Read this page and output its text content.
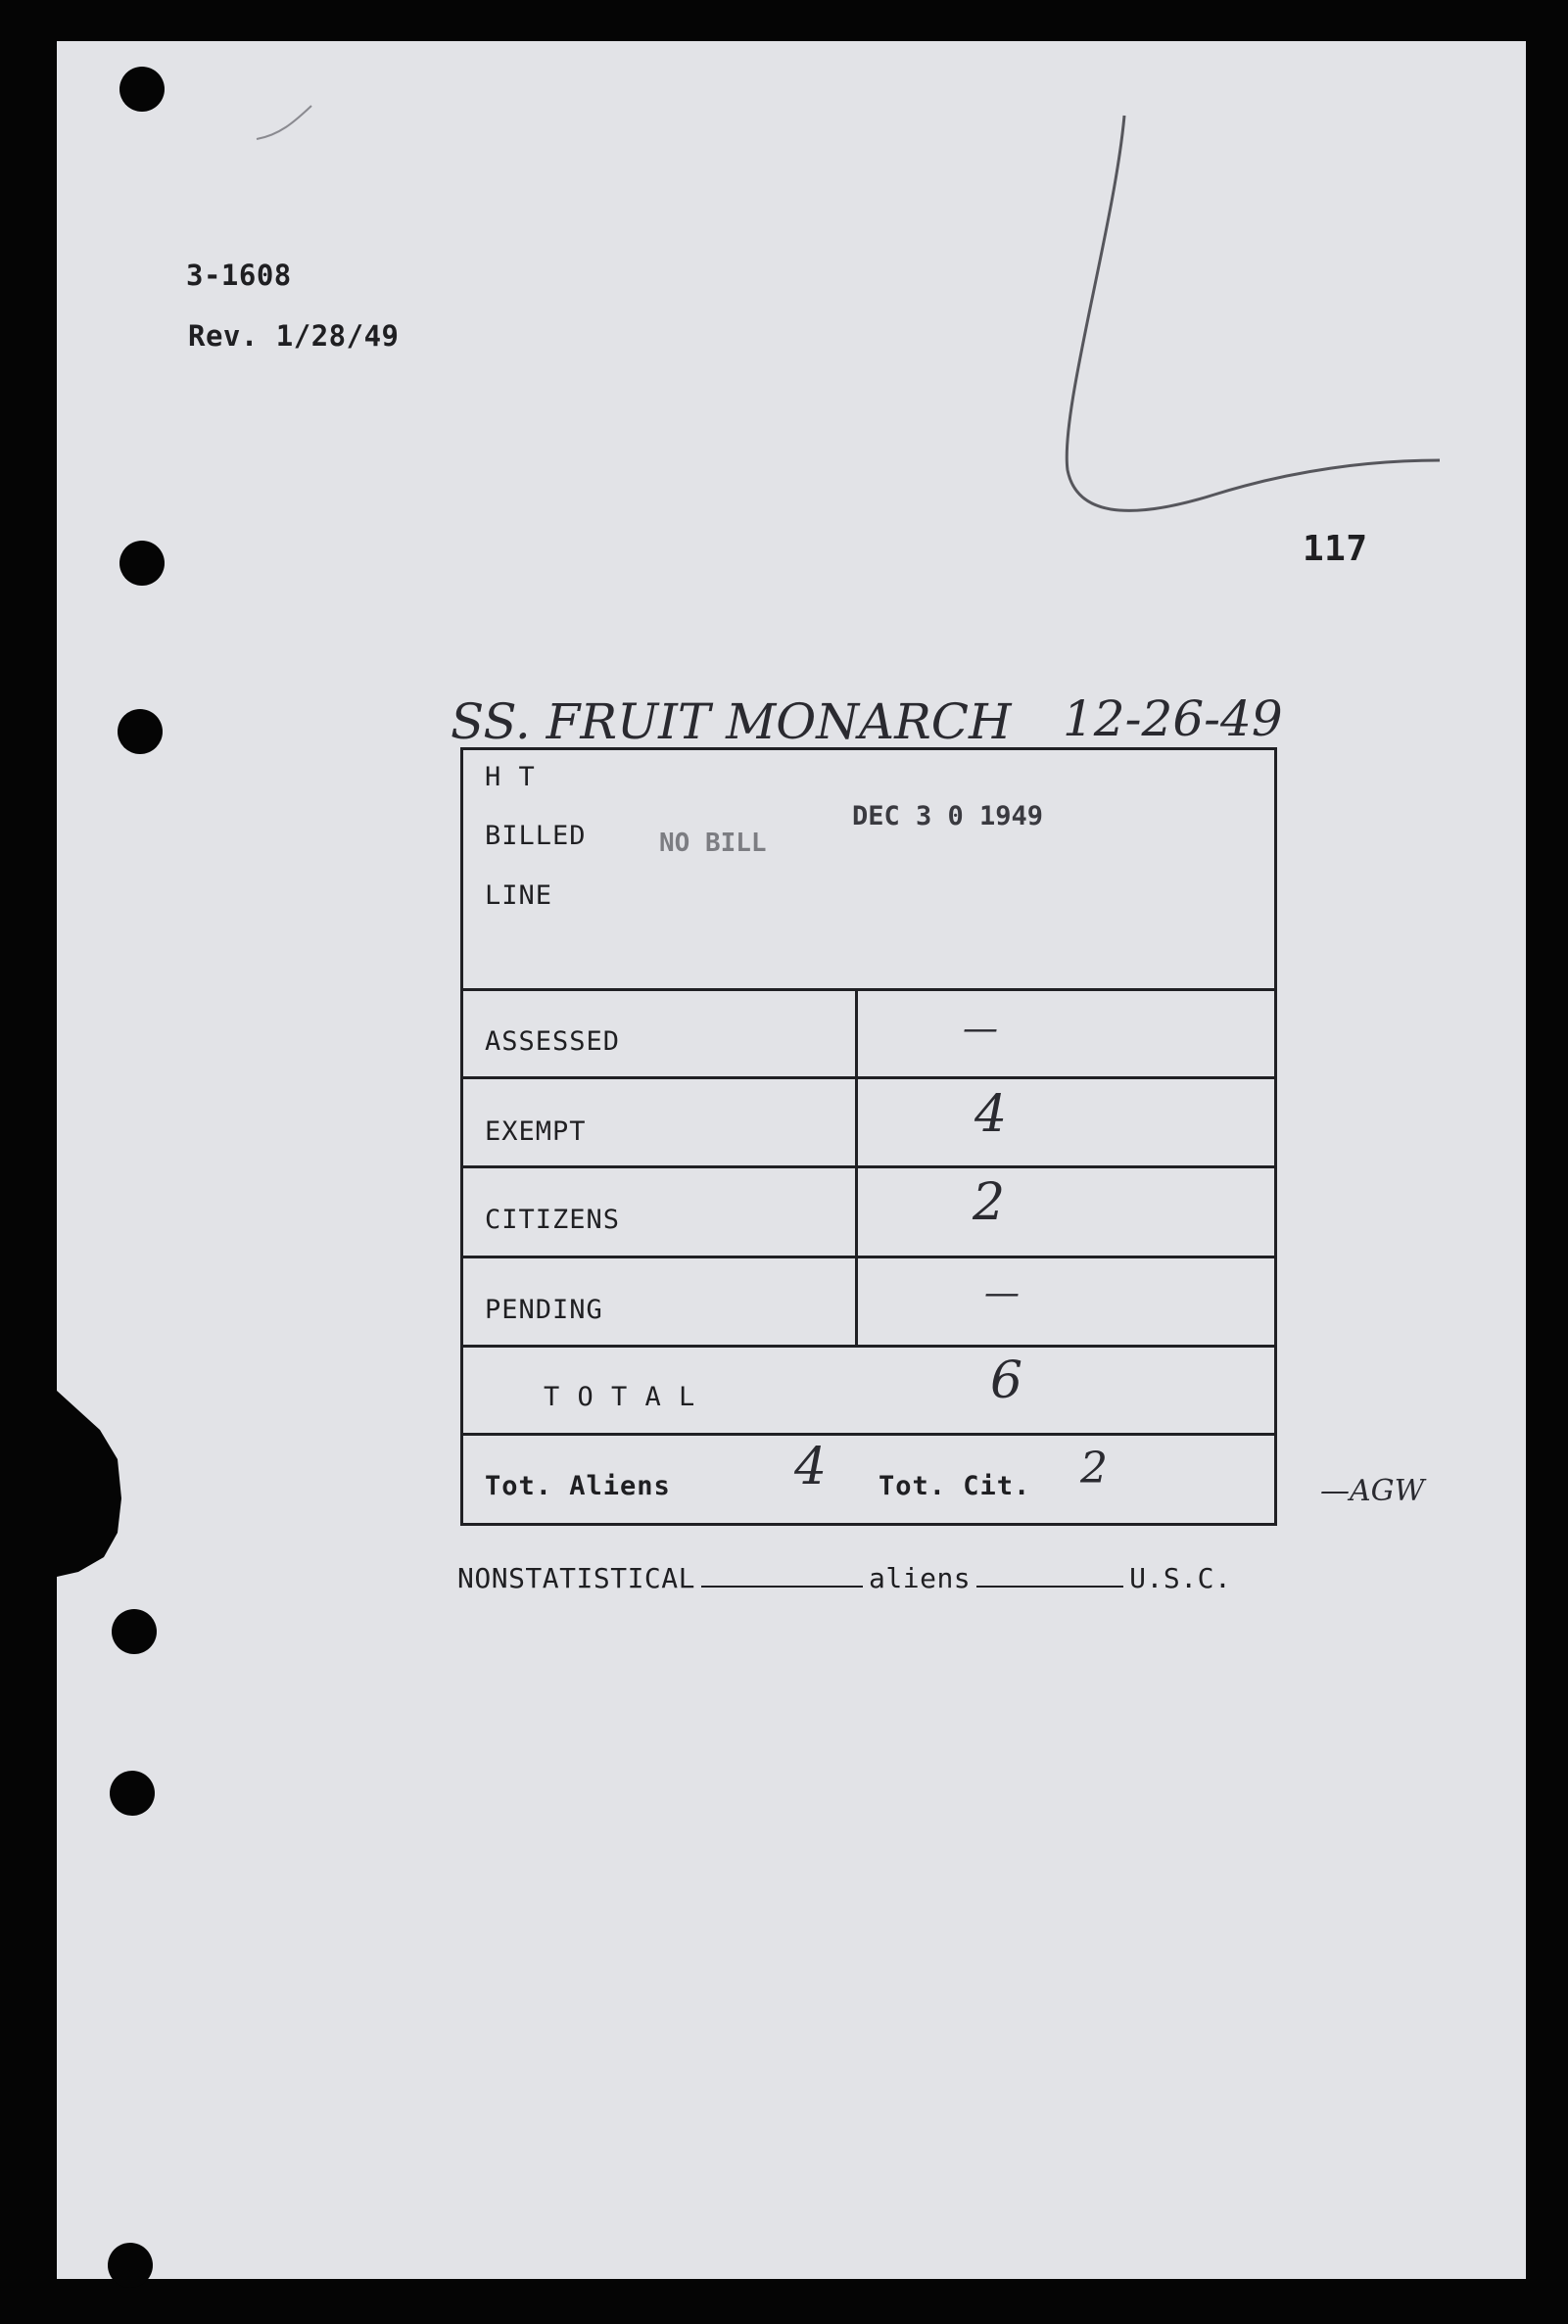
3-1608
Rev. 1/28/49
117
SS. FRUIT MONARCH 12-26-49
H T
BILLED
LINE
NO BILL
DEC 3 0 1949
ASSESSED	—
EXEMPT	4
CITIZENS	2
PENDING	—
T O T A L	6
Tot. Aliens 4 Tot. Cit. 2	—AGW
NONSTATISTICAL	aliens	U.S.C.
